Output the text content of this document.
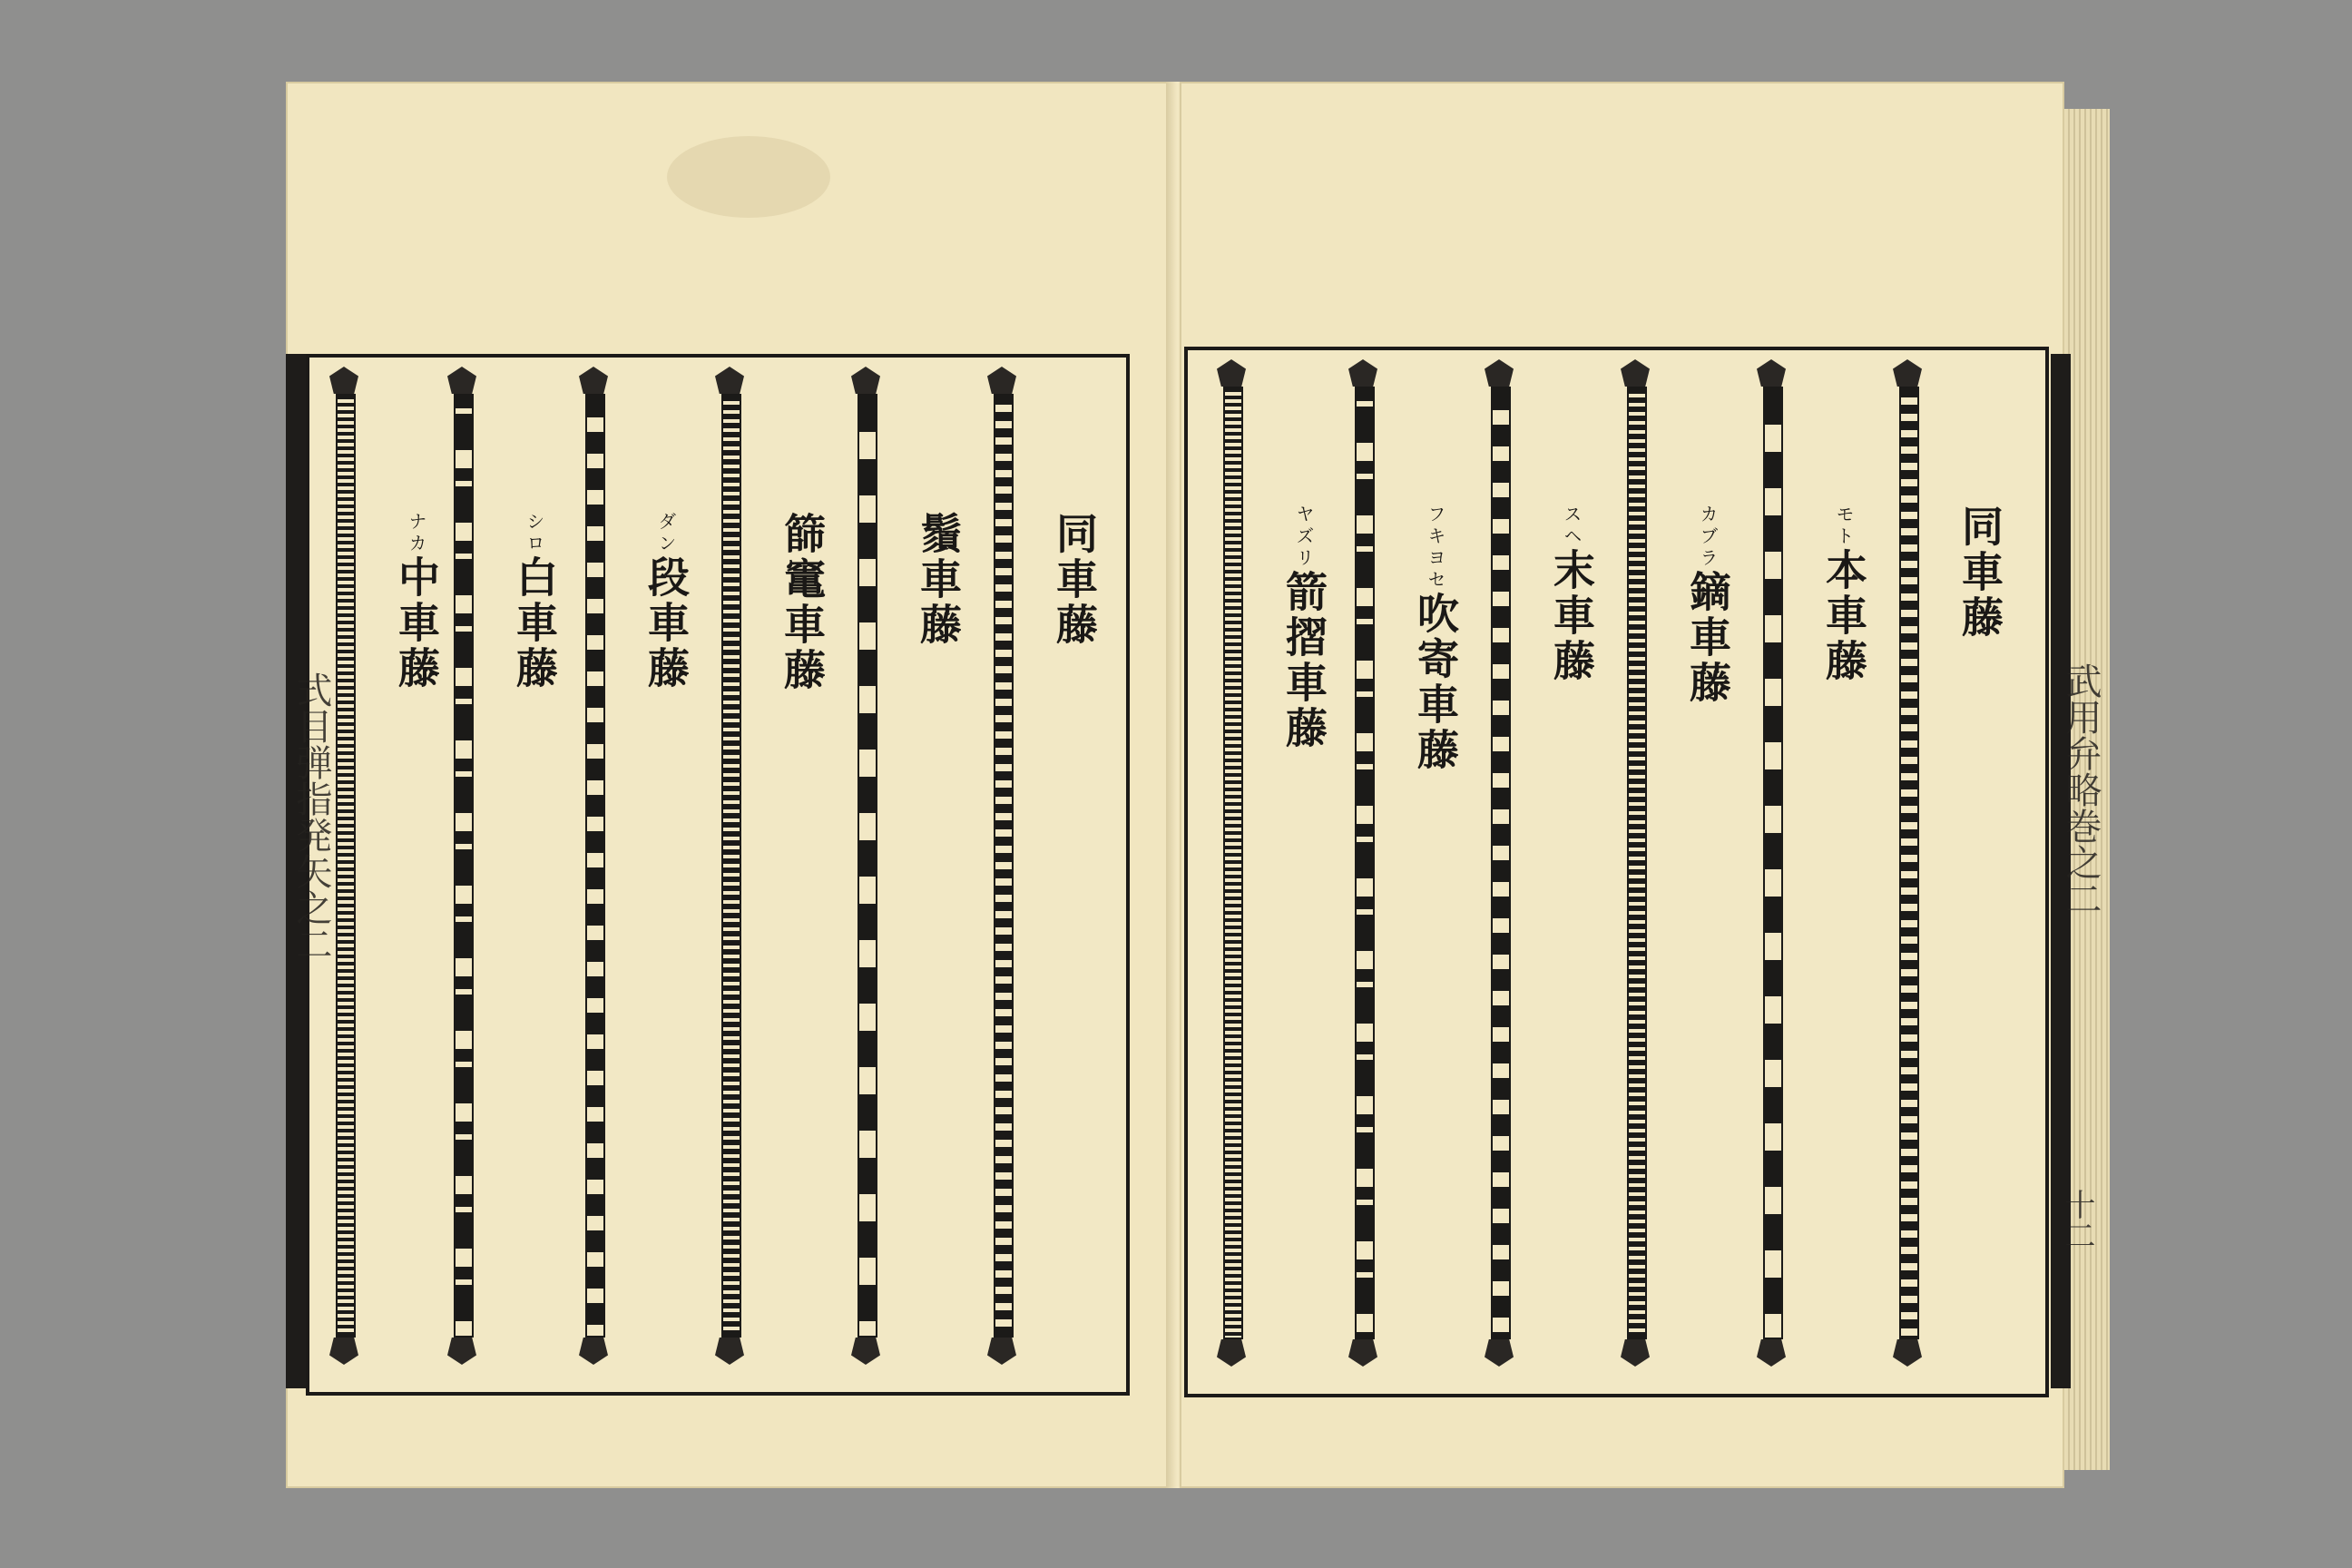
同車藤
鬚車藤
篩竃車藤
ダン段車藤
シロ白車藤
ナカ中車藤
式目弾指発矢之二
同車藤
モト本車藤
カブラ鏑車藤
スヘ末車藤
フキヨセ吹寄車藤
ヤズリ箭摺車藤
武用弁略巻之二
十二
